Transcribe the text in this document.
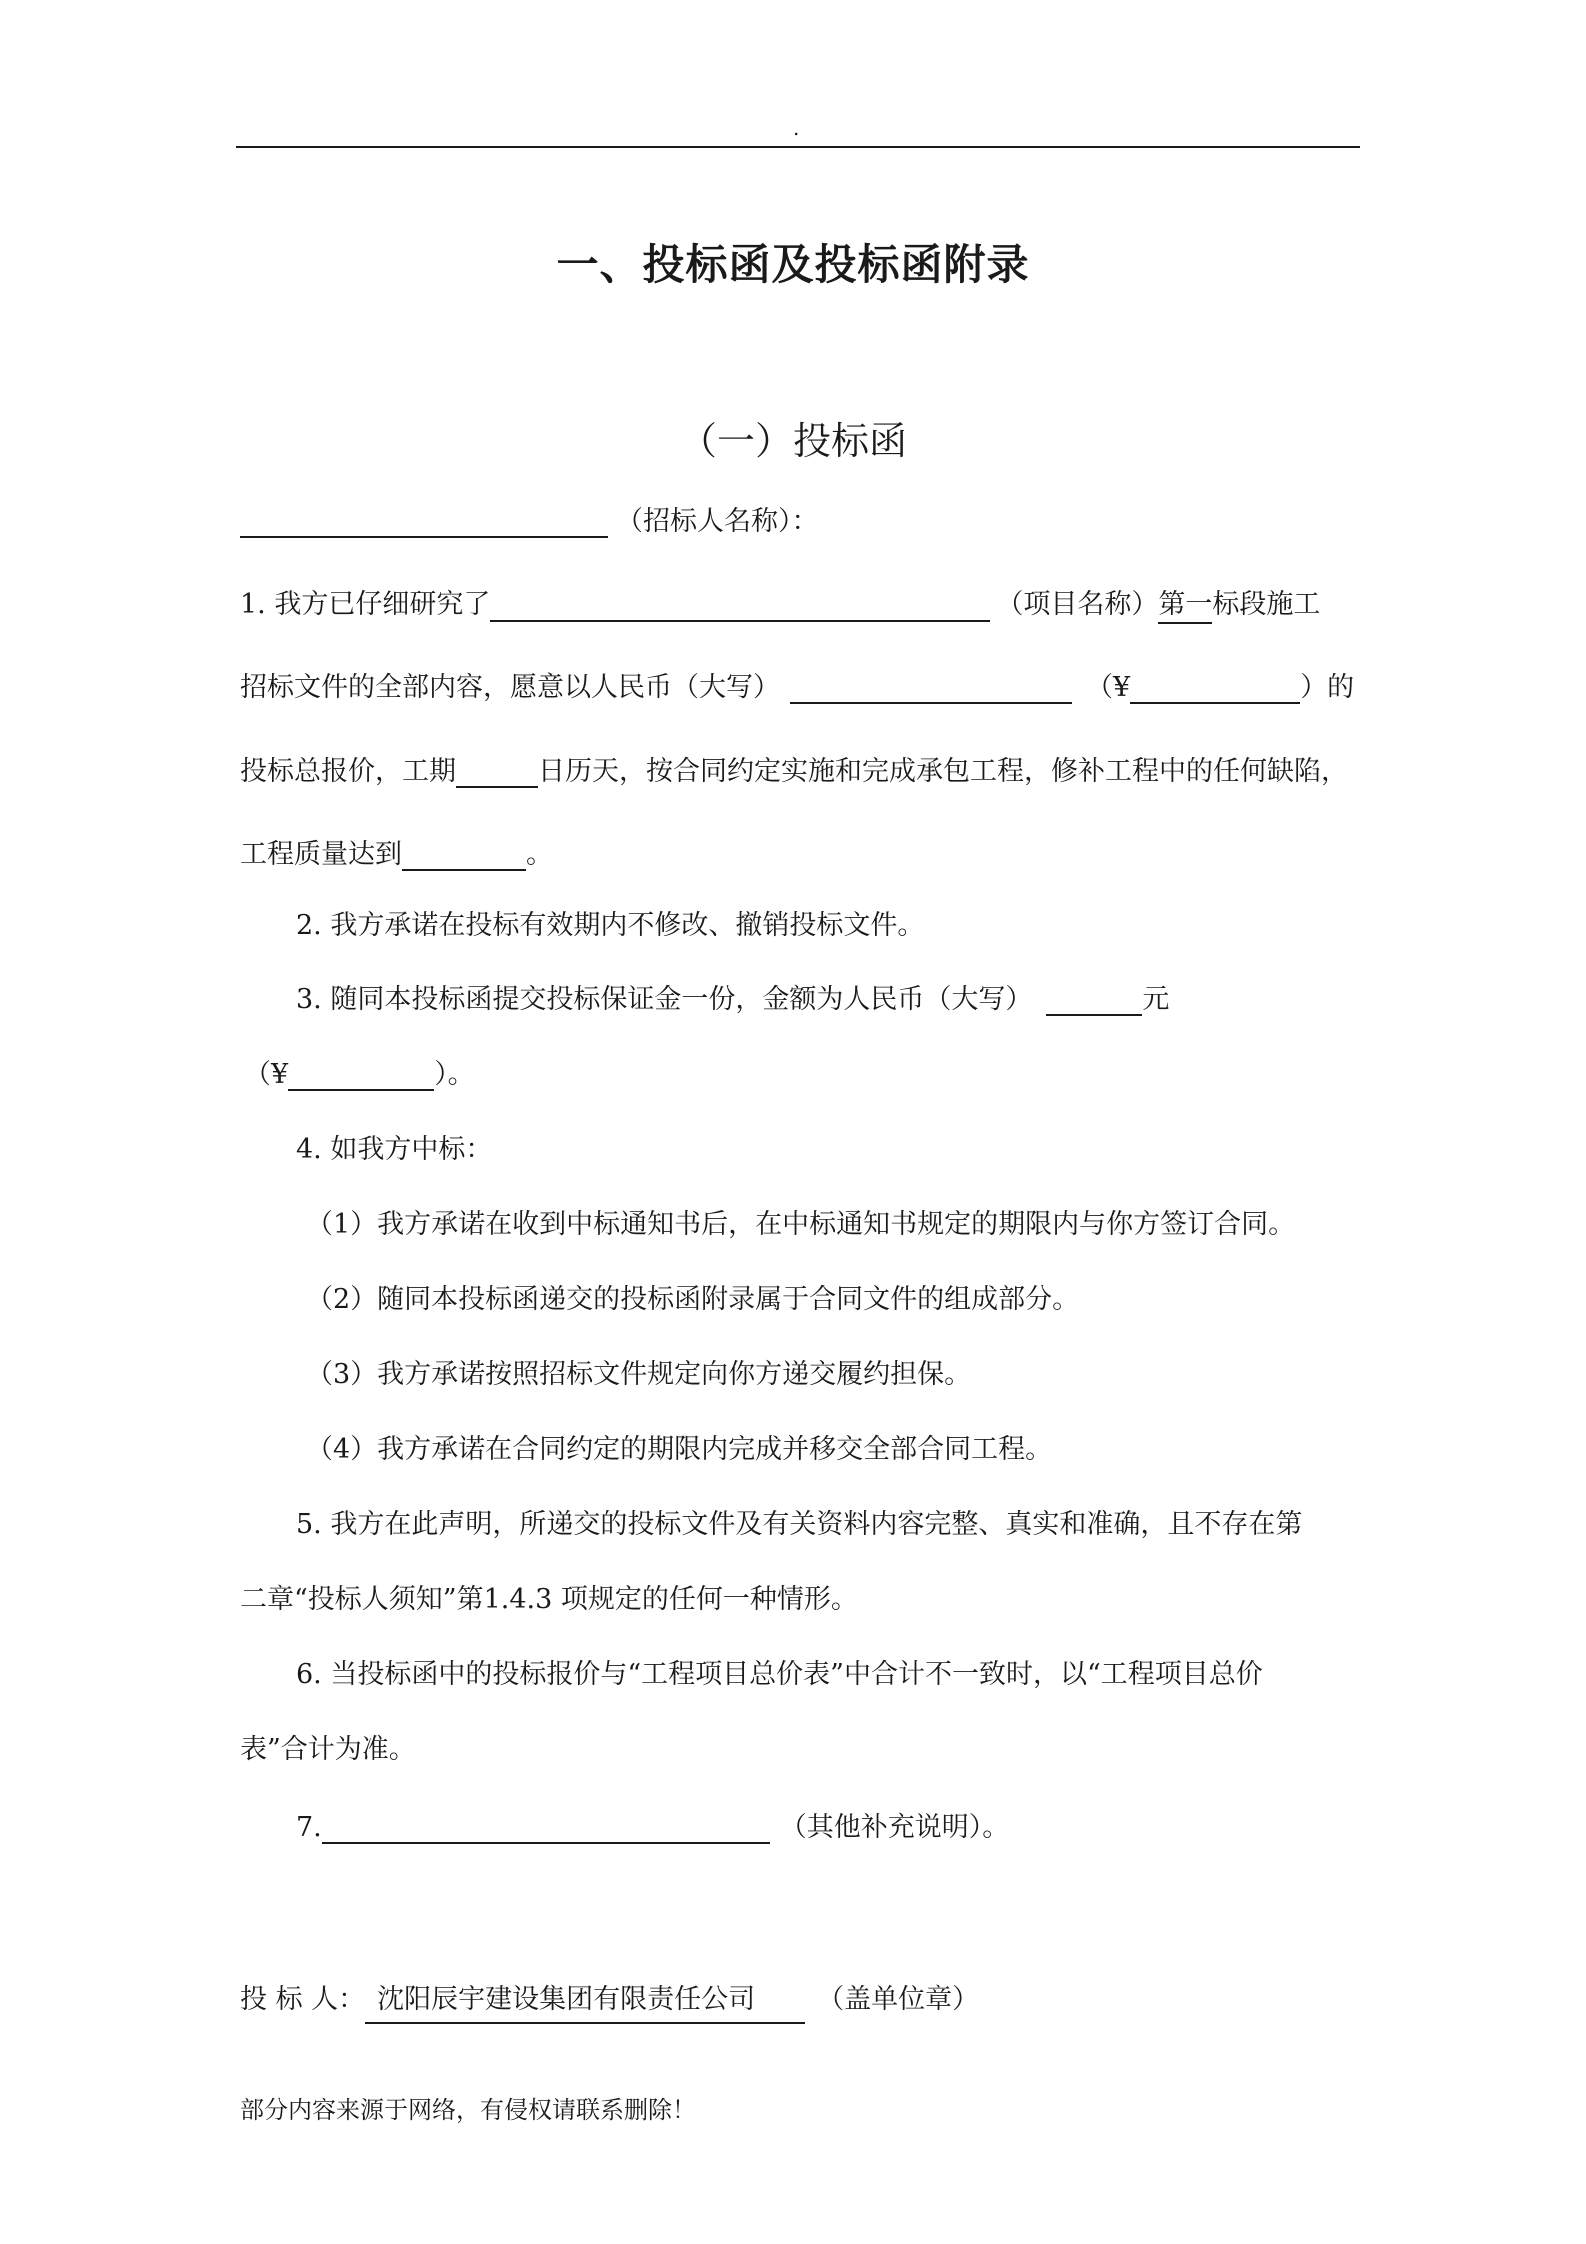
.
一、投标函及投标函附录
（一）投标函
（招标人名称）：
1. 我方已仔细研究了	（项目名称）第一标段施工
招标文件的全部内容，愿意以人民币（大写）	（¥	）的
投标总报价，工期	日历天，按合同约定实施和完成承包工程，修补工程中的任何缺陷，
工程质量达到	。
2. 我方承诺在投标有效期内不修改、撤销投标文件。
3. 随同本投标函提交投标保证金一份，金额为人民币（大写）	元
（¥	）。
4. 如我方中标：
（1）我方承诺在收到中标通知书后，在中标通知书规定的期限内与你方签订合同。
（2）随同本投标函递交的投标函附录属于合同文件的组成部分。
（3）我方承诺按照招标文件规定向你方递交履约担保。
（4）我方承诺在合同约定的期限内完成并移交全部合同工程。
5. 我方在此声明，所递交的投标文件及有关资料内容完整、真实和准确，且不存在第
二章“投标人须知”第1.4.3 项规定的任何一种情形。
6. 当投标函中的投标报价与“工程项目总价表”中合计不一致时，以“工程项目总价
表”合计为准。
7.	（其他补充说明）。
投 标 人： 沈阳辰宇建设集团有限责任公司 （盖单位章）
部分内容来源于网络，有侵权请联系删除！
